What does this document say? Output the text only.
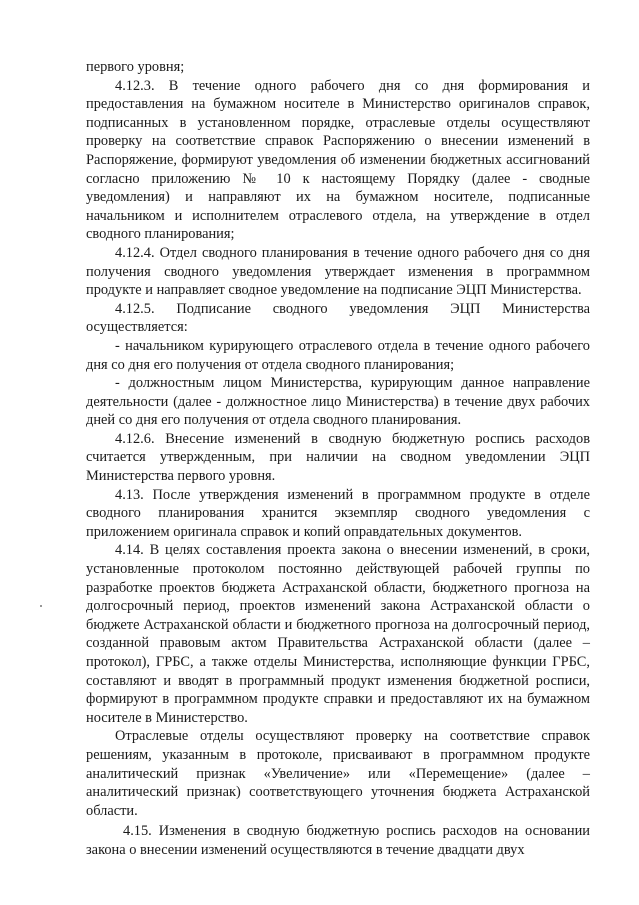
первого уровня;

4.12.3. В течение одного рабочего дня со дня формирования и предоставления на бумажном носителе в Министерство оригиналов справок, подписанных в установленном порядке, отраслевые отделы осуществляют проверку на соответствие справок Распоряжению о внесении изменений в Распоряжение, формируют уведомления об изменении бюджетных ассигнований согласно приложению № 10 к настоящему Порядку (далее - сводные уведомления) и направляют их на бумажном носителе, подписанные начальником и исполнителем отраслевого отдела, на утверждение в отдел сводного планирования;

4.12.4. Отдел сводного планирования в течение одного рабочего дня со дня получения сводного уведомления утверждает изменения в программном продукте и направляет сводное уведомление на подписание ЭЦП Министерства.

4.12.5. Подписание сводного уведомления ЭЦП Министерства осуществляется:

- начальником курирующего отраслевого отдела в течение одного рабочего дня со дня его получения от отдела сводного планирования;

- должностным лицом Министерства, курирующим данное направление деятельности (далее - должностное лицо Министерства) в течение двух рабочих дней со дня его получения от отдела сводного планирования.

4.12.6. Внесение изменений в сводную бюджетную роспись расходов считается утвержденным, при наличии на сводном уведомлении ЭЦП Министерства первого уровня.

4.13. После утверждения изменений в программном продукте в отделе сводного планирования хранится экземпляр сводного уведомления с приложением оригинала справок и копий оправдательных документов.

4.14. В целях составления проекта закона о внесении изменений, в сроки, установленные протоколом постоянно действующей рабочей группы по разработке проектов бюджета Астраханской области, бюджетного прогноза на долгосрочный период, проектов изменений закона Астраханской области о бюджете Астраханской области и бюджетного прогноза на долгосрочный период, созданной правовым актом Правительства Астраханской области (далее – протокол), ГРБС, а также отделы Министерства, исполняющие функции ГРБС, составляют и вводят в программный продукт изменения бюджетной росписи, формируют в программном продукте справки и предоставляют их на бумажном носителе в Министерство.

Отраслевые отделы осуществляют проверку на соответствие справок решениям, указанным в протоколе, присваивают в программном продукте аналитический признак «Увеличение» или «Перемещение» (далее – аналитический признак) соответствующего уточнения бюджета Астраханской области.

4.15. Изменения в сводную бюджетную роспись расходов на основании закона о внесении изменений осуществляются в течение двадцати двух
